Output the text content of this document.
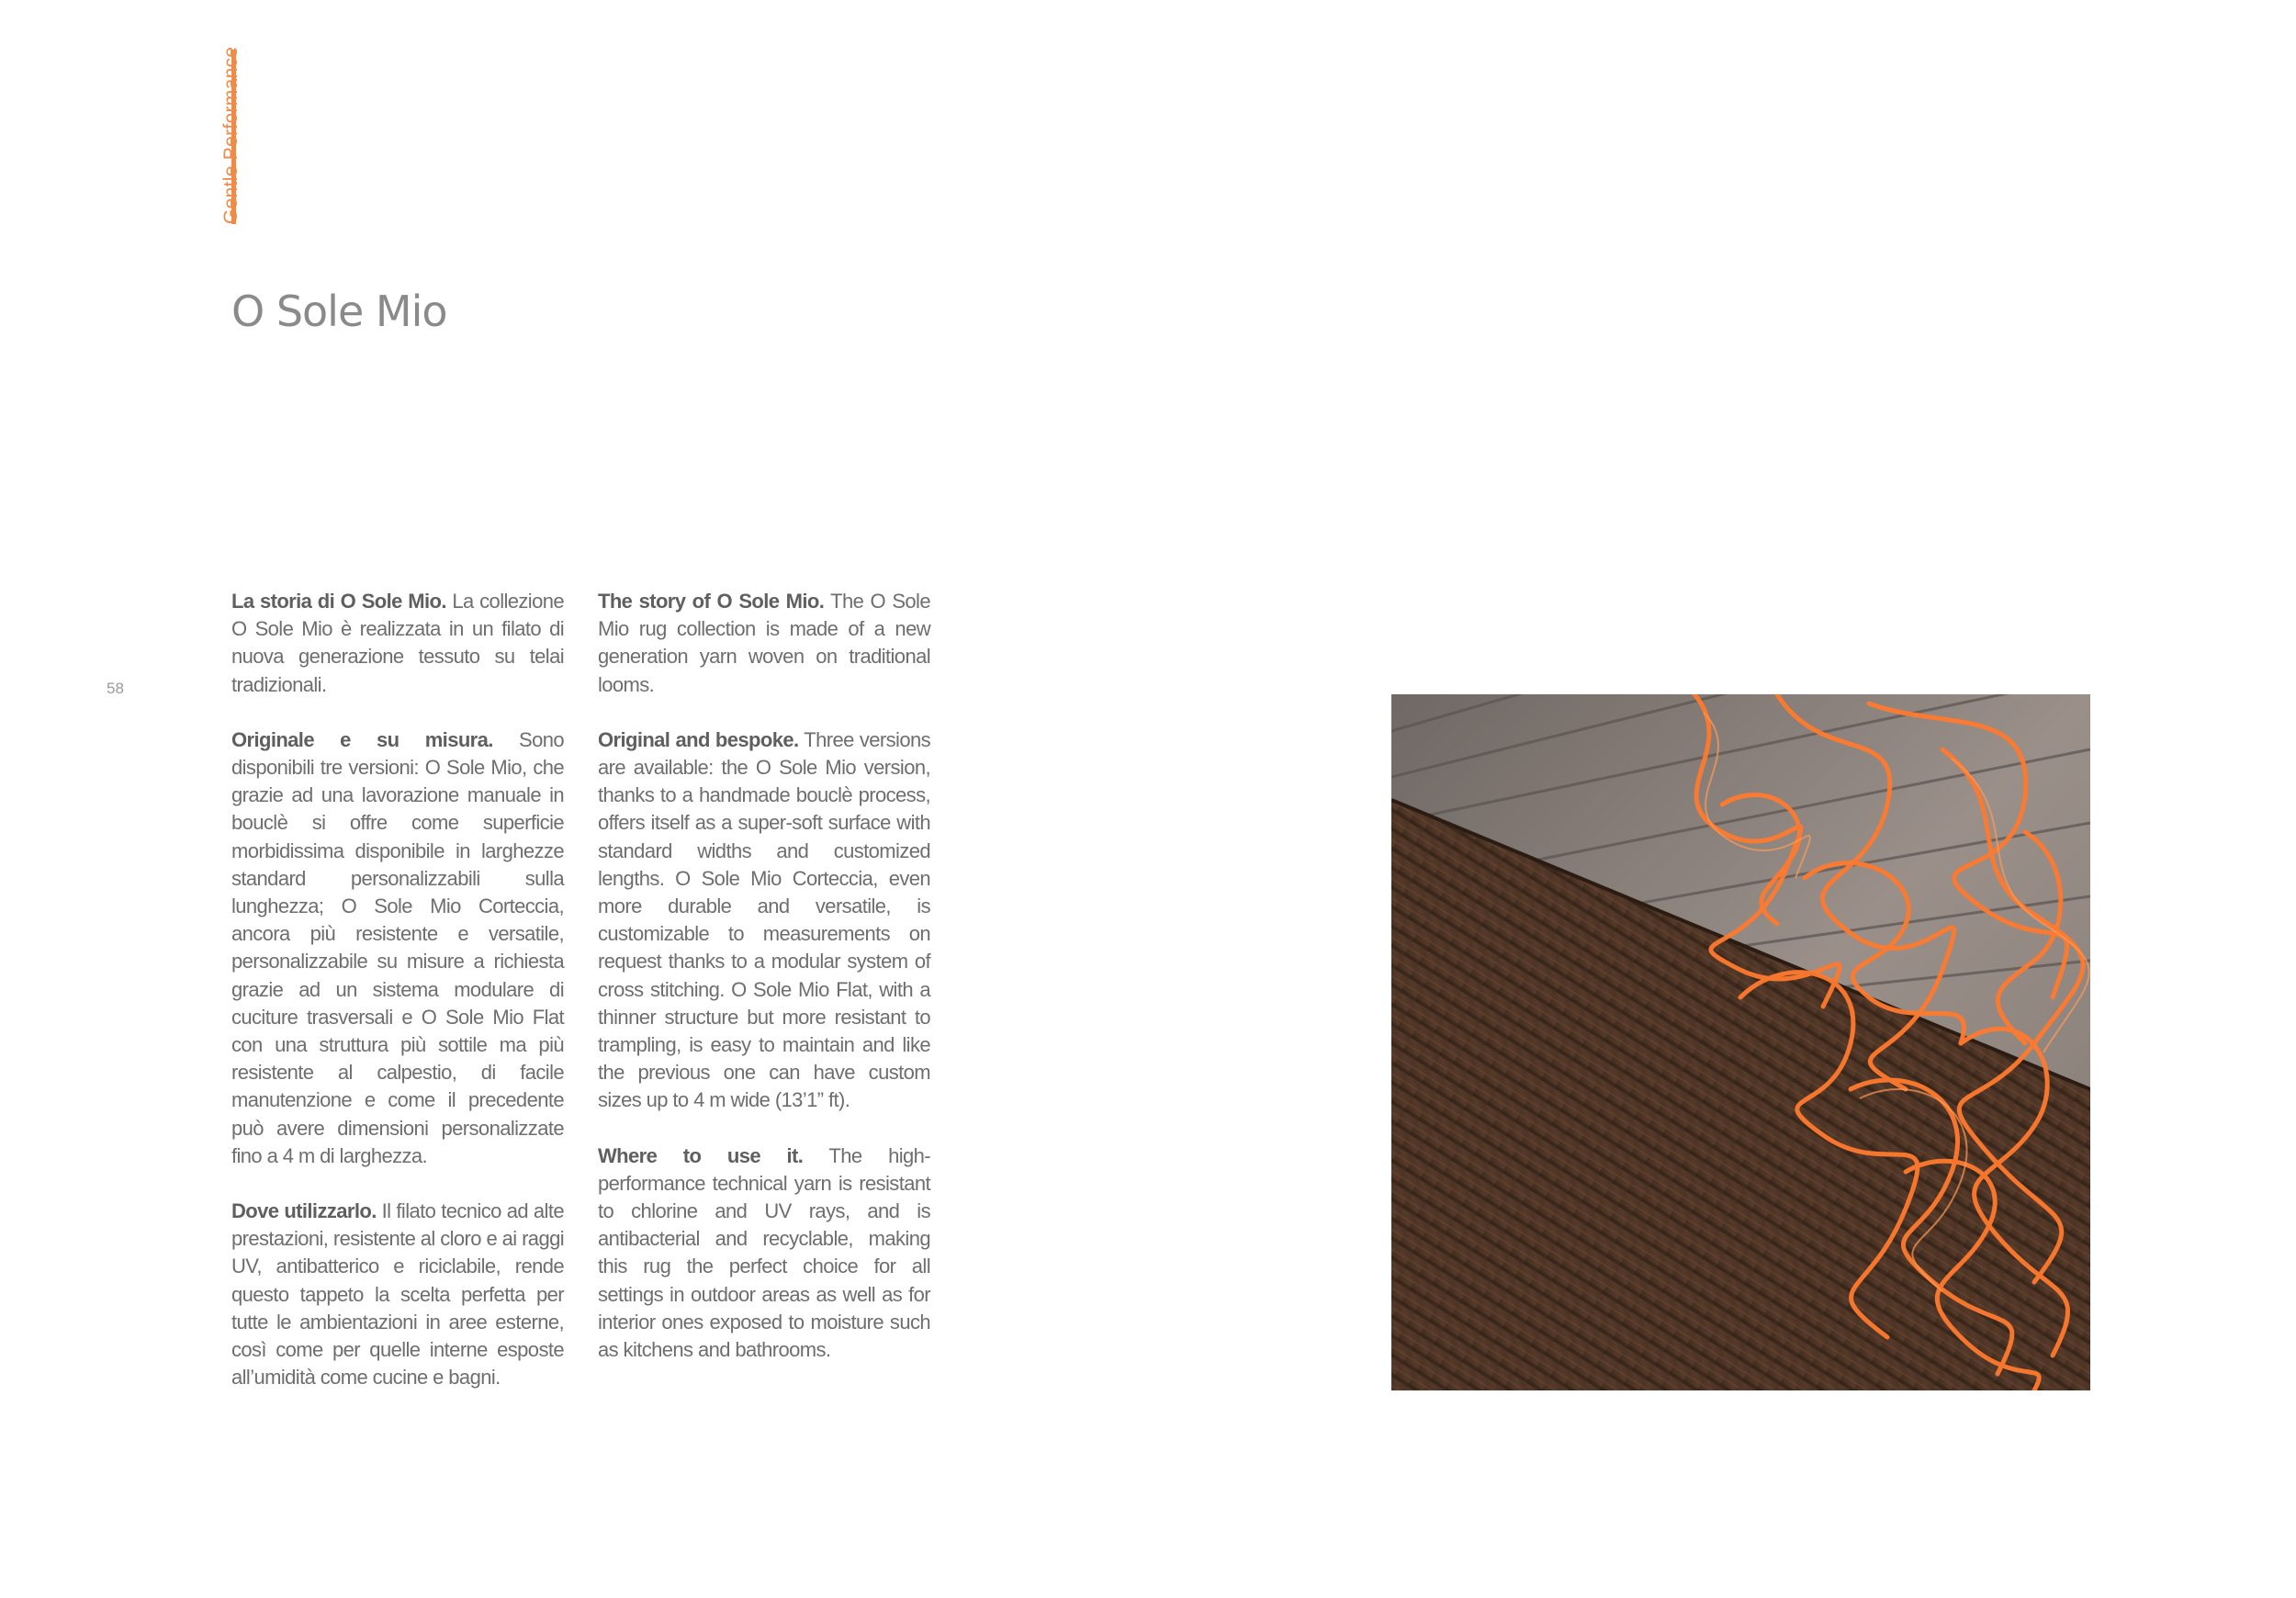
Gentle Performance
O Sole Mio
58

La storia di O Sole Mio. La collezione O Sole Mio è realizzata in un filato di nuova generazione tessuto su telai tradizionali.

Originale e su misura. Sono disponibili tre versioni: O Sole Mio, che grazie ad una lavorazione manuale in bouclè si offre come superficie morbidissima disponibile in larghezze standard personalizzabili sulla lunghezza; O Sole Mio Corteccia, ancora più resistente e versatile, personalizzabile su misure a richiesta grazie ad un sistema modulare di cuciture trasversali e O Sole Mio Flat con una struttura più sottile ma più resistente al calpestio, di facile manutenzione e come il precedente può avere dimensioni personalizzate fino a 4 m di larghezza.

Dove utilizzarlo. Il filato tecnico ad alte prestazioni, resistente al cloro e ai raggi UV, antibatterico e riciclabile, rende questo tappeto la scelta perfetta per tutte le ambientazioni in aree esterne, così come per quelle interne esposte all’umidità come cucine e bagni.

The story of O Sole Mio. The O Sole Mio rug collection is made of a new generation yarn woven on traditional looms.

Original and bespoke. Three versions are available: the O Sole Mio version, thanks to a handmade bouclè process, offers itself as a super-soft surface with standard widths and customized lengths. O Sole Mio Corteccia, even more durable and versatile, is customizable to measurements on request thanks to a modular system of cross stitching. O Sole Mio Flat, with a thinner structure but more resistant to trampling, is easy to maintain and like the previous one can have custom sizes up to 4 m wide (13’1” ft).

Where to use it. The high-performance technical yarn is resistant to chlorine and UV rays, and is antibacterial and recyclable, making this rug the perfect choice for all settings in outdoor areas as well as for interior ones exposed to moisture such as kitchens and bathrooms.
